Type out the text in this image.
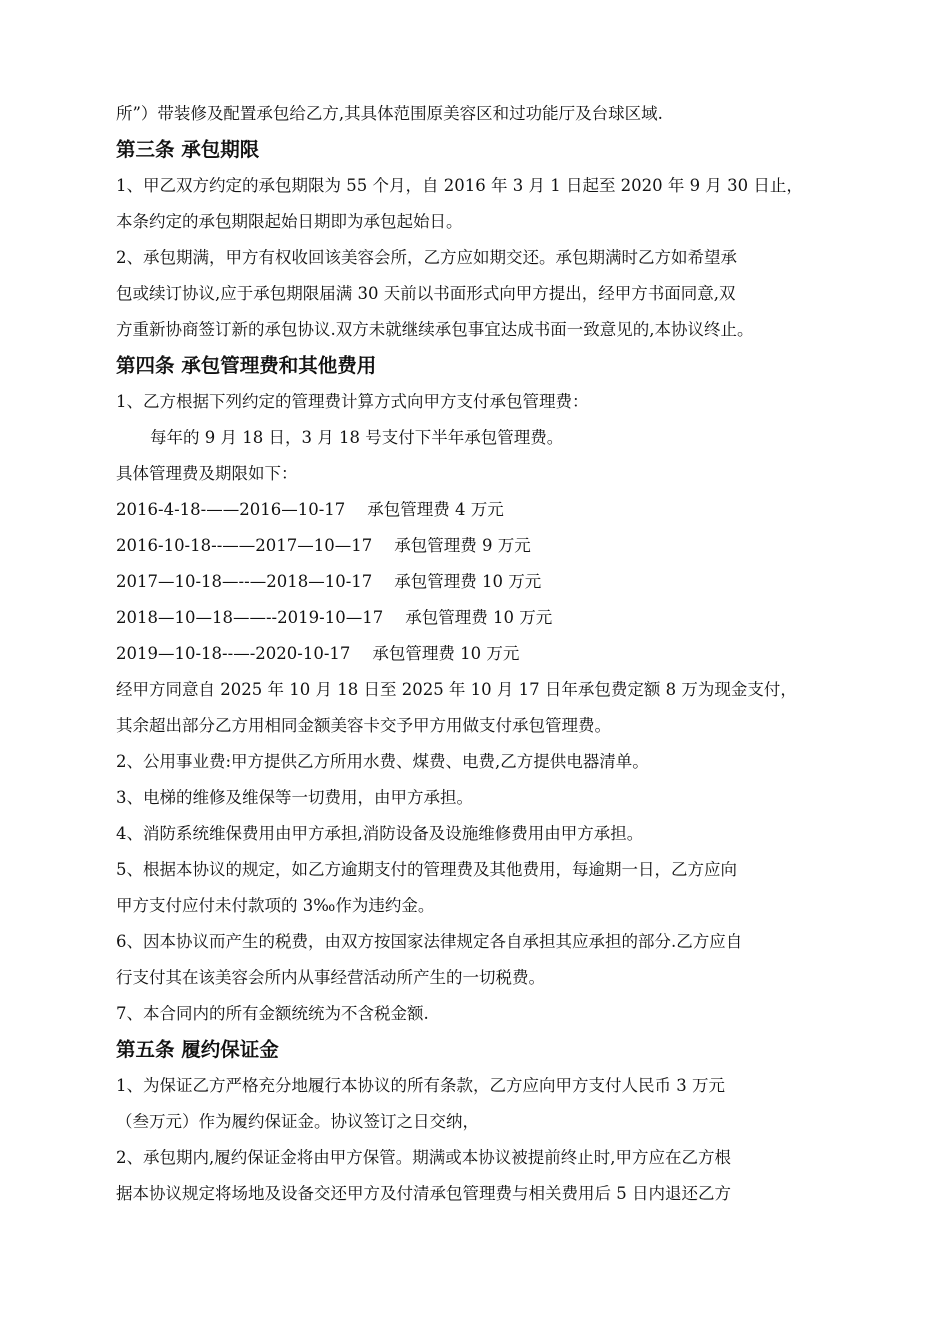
所”）带装修及配置承包给乙方,其具体范围原美容区和过功能厅及台球区域.

第三条 承包期限

1、甲乙双方约定的承包期限为 55 个月，自 2016 年 3 月 1 日起至 2020 年 9 月 30 日止，

本条约定的承包期限起始日期即为承包起始日。

2、承包期满，甲方有权收回该美容会所，乙方应如期交还。承包期满时乙方如希望承

包或续订协议,应于承包期限届满 30 天前以书面形式向甲方提出，经甲方书面同意,双

方重新协商签订新的承包协议.双方未就继续承包事宜达成书面一致意见的,本协议终止。

第四条 承包管理费和其他费用

1、乙方根据下列约定的管理费计算方式向甲方支付承包管理费：

每年的 9 月 18 日，3 月 18 号支付下半年承包管理费。

具体管理费及期限如下：

2016-4-18-——2016—10-17 承包管理费 4 万元
2016-10-18--——2017—10—17 承包管理费 9 万元
2017—10-18—--—2018—10-17 承包管理费 10 万元
2018—10—18——--2019-10—17 承包管理费 10 万元
2019—10-18--—-2020-10-17 承包管理费 10 万元

经甲方同意自 2025 年 10 月 18 日至 2025 年 10 月 17 日年承包费定额 8 万为现金支付，

其余超出部分乙方用相同金额美容卡交予甲方用做支付承包管理费。

2、公用事业费:甲方提供乙方所用水费、煤费、电费,乙方提供电器清单。

3、电梯的维修及维保等一切费用，由甲方承担。

4、消防系统维保费用由甲方承担,消防设备及设施维修费用由甲方承担。

5、根据本协议的规定，如乙方逾期支付的管理费及其他费用，每逾期一日，乙方应向

甲方支付应付未付款项的 3‰作为违约金。

6、因本协议而产生的税费，由双方按国家法律规定各自承担其应承担的部分.乙方应自

行支付其在该美容会所内从事经营活动所产生的一切税费。

7、本合同内的所有金额统统为不含税金额.

第五条 履约保证金

1、为保证乙方严格充分地履行本协议的所有条款，乙方应向甲方支付人民币 3 万元

（叁万元）作为履约保证金。协议签订之日交纳，

2、承包期内,履约保证金将由甲方保管。期满或本协议被提前终止时,甲方应在乙方根

据本协议规定将场地及设备交还甲方及付清承包管理费与相关费用后 5 日内退还乙方
